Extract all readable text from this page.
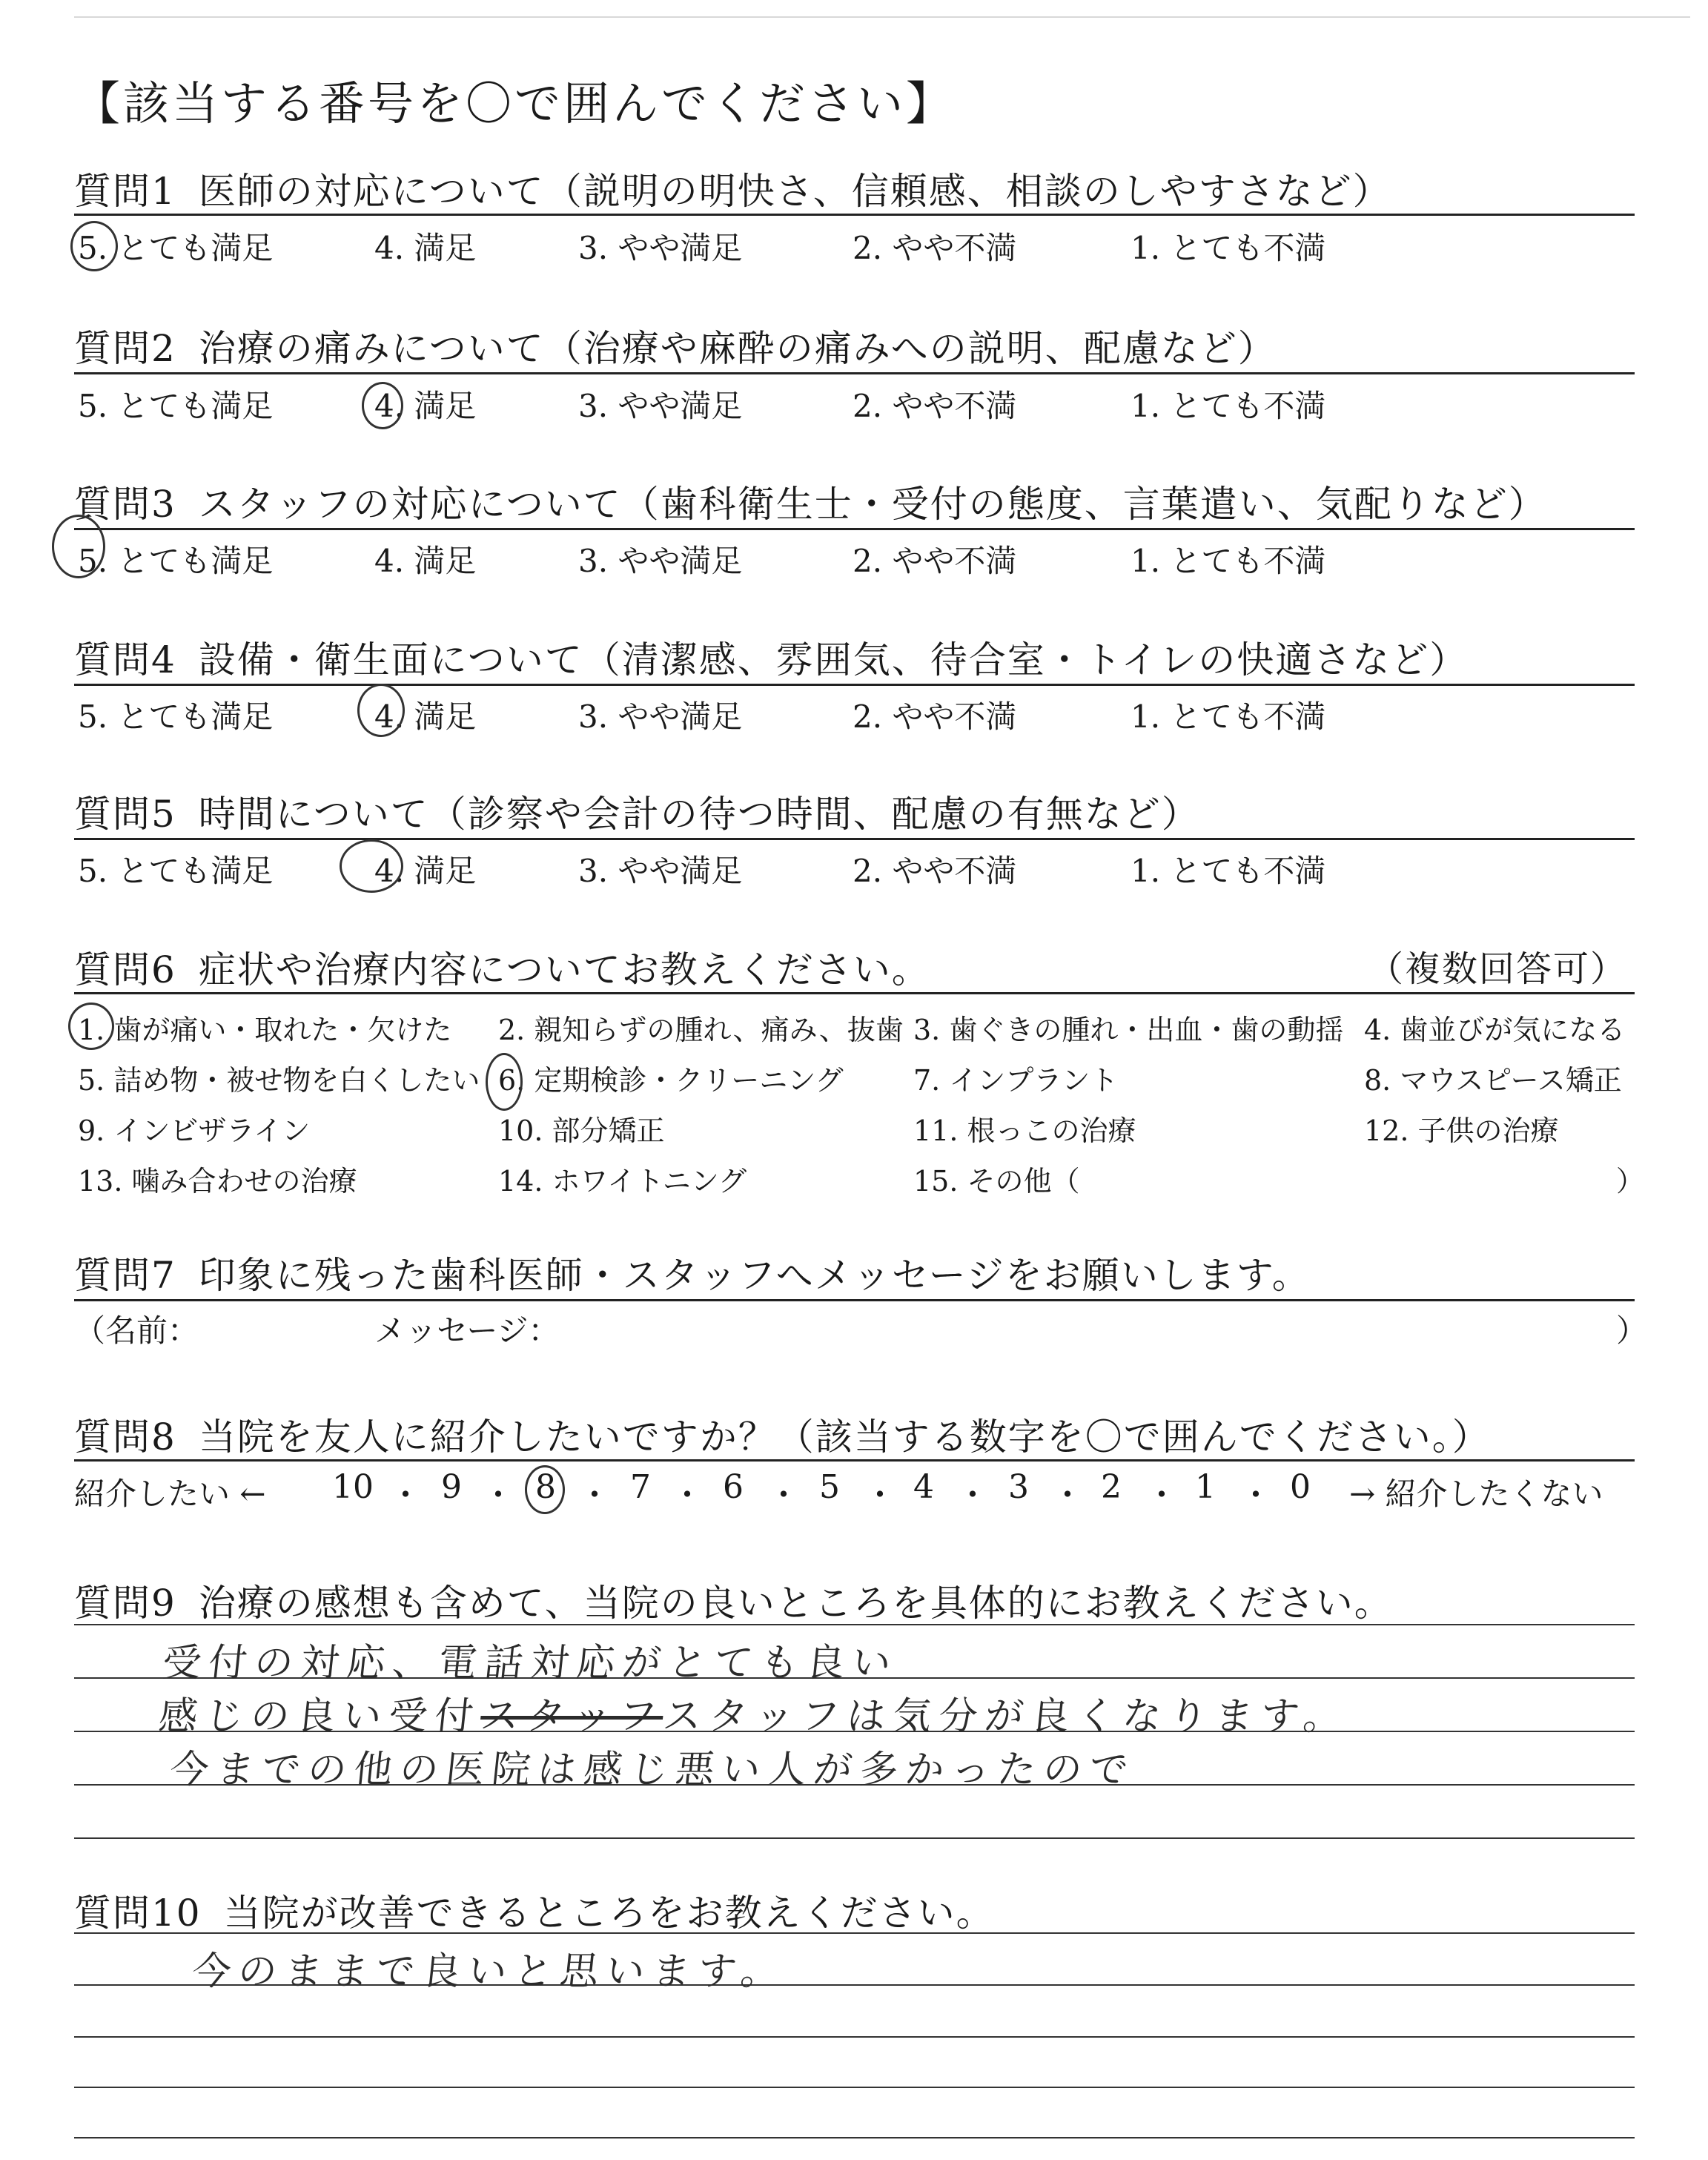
【該当する番号を〇で囲んでください】
質問1 医師の対応について（説明の明快さ、信頼感、相談のしやすさなど）
5. とても満足	4. 満足	3. やや満足	2. やや不満	1. とても不満
質問2 治療の痛みについて（治療や麻酔の痛みへの説明、配慮など）
5. とても満足	4. 満足	3. やや満足	2. やや不満	1. とても不満
質問3 スタッフの対応について（歯科衛生士・受付の態度、言葉遣い、気配りなど）
5. とても満足	4. 満足	3. やや満足	2. やや不満	1. とても不満
質問4 設備・衛生面について（清潔感、雰囲気、待合室・トイレの快適さなど）
5. とても満足	4. 満足	3. やや満足	2. やや不満	1. とても不満
質問5 時間について（診察や会計の待つ時間、配慮の有無など）
5. とても満足	4. 満足	3. やや満足	2. やや不満	1. とても不満
質問6 症状や治療内容についてお教えください。	（複数回答可）
1. 歯が痛い・取れた・欠けた 2. 親知らずの腫れ、痛み、抜歯 3. 歯ぐきの腫れ・出血・歯の動揺 4. 歯並びが気になる
5. 詰め物・被せ物を白くしたい 6. 定期検診・クリーニング 7. インプラント	8. マウスピース矯正
9. インビザライン	10. 部分矯正	11. 根っこの治療	12. 子供の治療
13. 噛み合わせの治療	14. ホワイトニング	15. その他（	）
質問7 印象に残った歯科医師・スタッフへメッセージをお願いします。
（名前：	メッセージ：	）
質問8 当院を友人に紹介したいですか？（該当する数字を〇で囲んでください。）
紹介したい ←	→ 紹介したくない
10 ・ 9 ・ 8 ・ 7 ・ 6 ・ 5 ・ 4 ・ 3 ・ 2 ・ 1 ・ 0
質問9 治療の感想も含めて、当院の良いところを具体的にお教えください。
受付の対応、電話対応がとても良い
感じの良い受付スタッフスタッフは気分が良くなります。
今までの他の医院は感じ悪い人が多かったので
質問10 当院が改善できるところをお教えください。
今のままで良いと思います。
